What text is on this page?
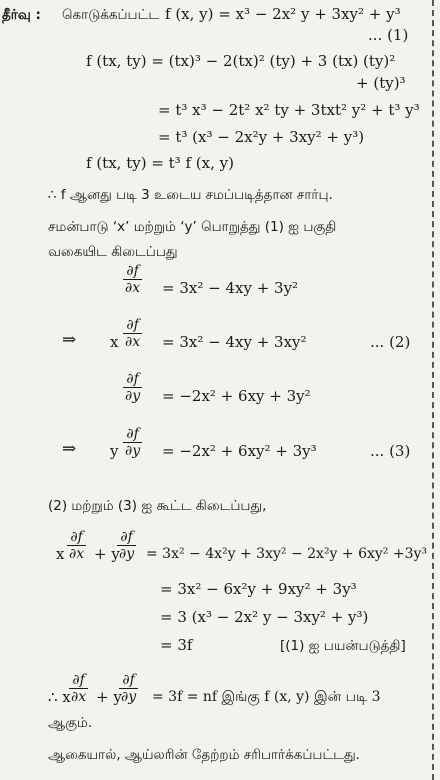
தீர்வு : கொடுக்கப்பட்ட f (x, y) = x³ − 2x² y + 3xy² + y³
... (1)
f (tx, ty) = (tx)³ − 2(tx)² (ty) + 3 (tx) (ty)²
+ (ty)³
= t³ x³ − 2t² x² ty + 3txt² y² + t³ y³
= t³ (x³ − 2x²y + 3xy² + y³)
f (tx, ty) = t³ f (x, y)
∴ f ஆனது படி 3 உடைய சமப்படித்தான சார்பு.
சமன்பாடு ‘x’ மற்றும் ‘y’ பொறுத்து (1) ஐ பகுதி
வகையிட கிடைப்பது
$\frac{\partial f}{\partial x} = 3x^2 - 4xy + 3y^2$
⇒ x $\frac{\partial f}{\partial x} = 3x^2 - 4xy + 3xy^2$	... (2)
$\frac{\partial f}{\partial y} = -2x^2 + 6xy + 3y^2$
⇒ y $\frac{\partial f}{\partial y} = -2x^2 + 6xy^2 + 3y^3$	... (3)
(2) மற்றும் (3) ஐ கூட்ட கிடைப்பது,
x $\frac{\partial f}{\partial x} + y$
$\frac{\partial f}{\partial y} = 3x^2 - 4x^2y + 3xy^2 - 2x^2y + 6xy^2 +3y^3$
= 3x² − 6x²y + 9xy² + 3y³
= 3 (x³ − 2x² y − 3xy² + y³)
= 3f	[(1) ஐ பயன்படுத்தி]
∴ x
$\frac{\partial f}{\partial x} + y$
$\frac{\partial f}{\partial y} = 3f$ = nf இங்கு f (x, y) இன் படி 3
ஆகும்.
ஆகையால், ஆய்லரின் தேற்றம் சரிபார்க்கப்பட்டது.
